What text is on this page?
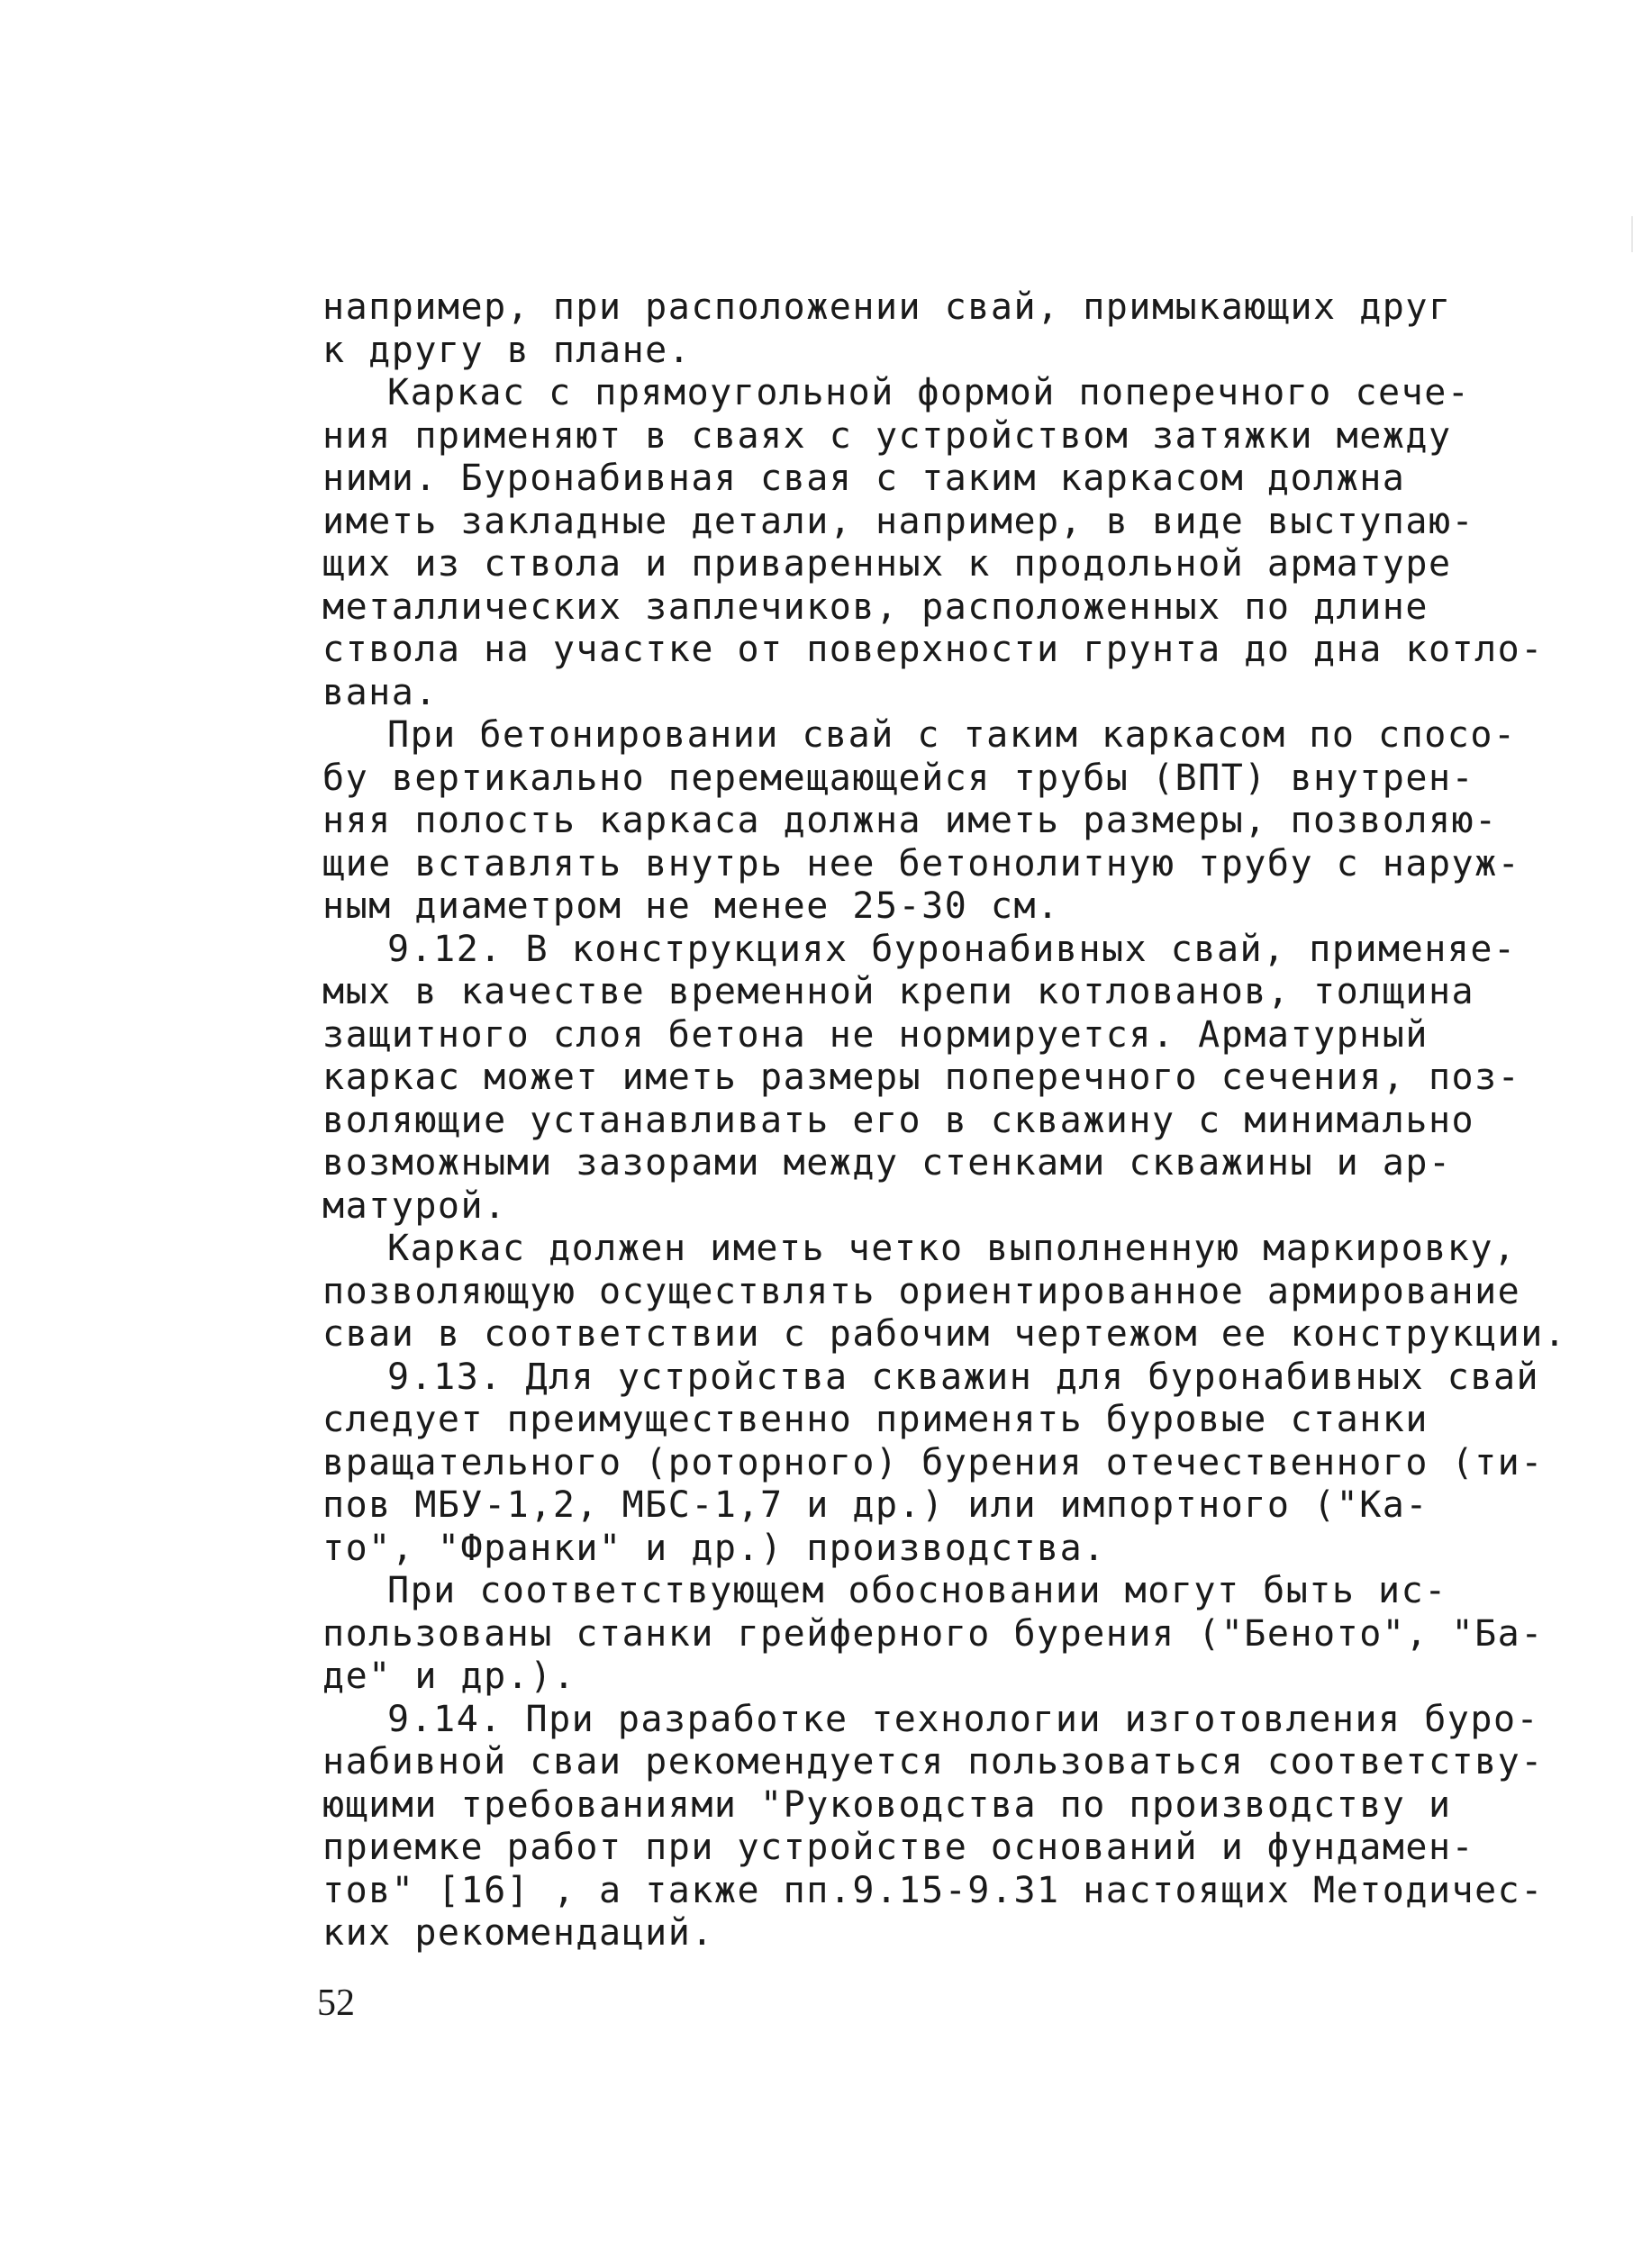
например, при расположении свай, примыкающих друг
к другу в плане.
Каркас с прямоугольной формой поперечного сече-
ния применяют в сваях с устройством затяжки между
ними. Буронабивная свая с таким каркасом должна
иметь закладные детали, например, в виде выступаю-
щих из ствола и приваренных к продольной арматуре
металлических заплечиков, расположенных по длине
ствола на участке от поверхности грунта до дна котло-
вана.
При бетонировании свай с таким каркасом по спосо-
бу вертикально перемещающейся трубы (ВПТ) внутрен-
няя полость каркаса должна иметь размеры, позволяю-
щие вставлять внутрь нее бетонолитную трубу с наруж-
ным диаметром не менее 25-30 см.
9.12. В конструкциях буронабивных свай, применяе-
мых в качестве временной крепи котлованов, толщина
защитного слоя бетона не нормируется. Арматурный
каркас может иметь размеры поперечного сечения, поз-
воляющие устанавливать его в скважину с минимально
возможными зазорами между стенками скважины и ар-
матурой.
Каркас должен иметь четко выполненную маркировку,
позволяющую осуществлять ориентированное армирование
сваи в соответствии с рабочим чертежом ее конструкции.
9.13. Для устройства скважин для буронабивных свай
следует преимущественно применять буровые станки
вращательного (роторного) бурения отечественного (ти-
пов МБУ-1,2, МБС-1,7 и др.) или импортного ("Ка-
то", "Франки" и др.) производства.
При соответствующем обосновании могут быть ис-
пользованы станки грейферного бурения ("Беното", "Ба-
де" и др.).
9.14. При разработке технологии изготовления буро-
набивной сваи рекомендуется пользоваться соответству-
ющими требованиями "Руководства по производству и
приемке работ при устройстве оснований и фундамен-
тов" [16] , а также пп.9.15-9.31 настоящих Методичес-
ких рекомендаций.
52
